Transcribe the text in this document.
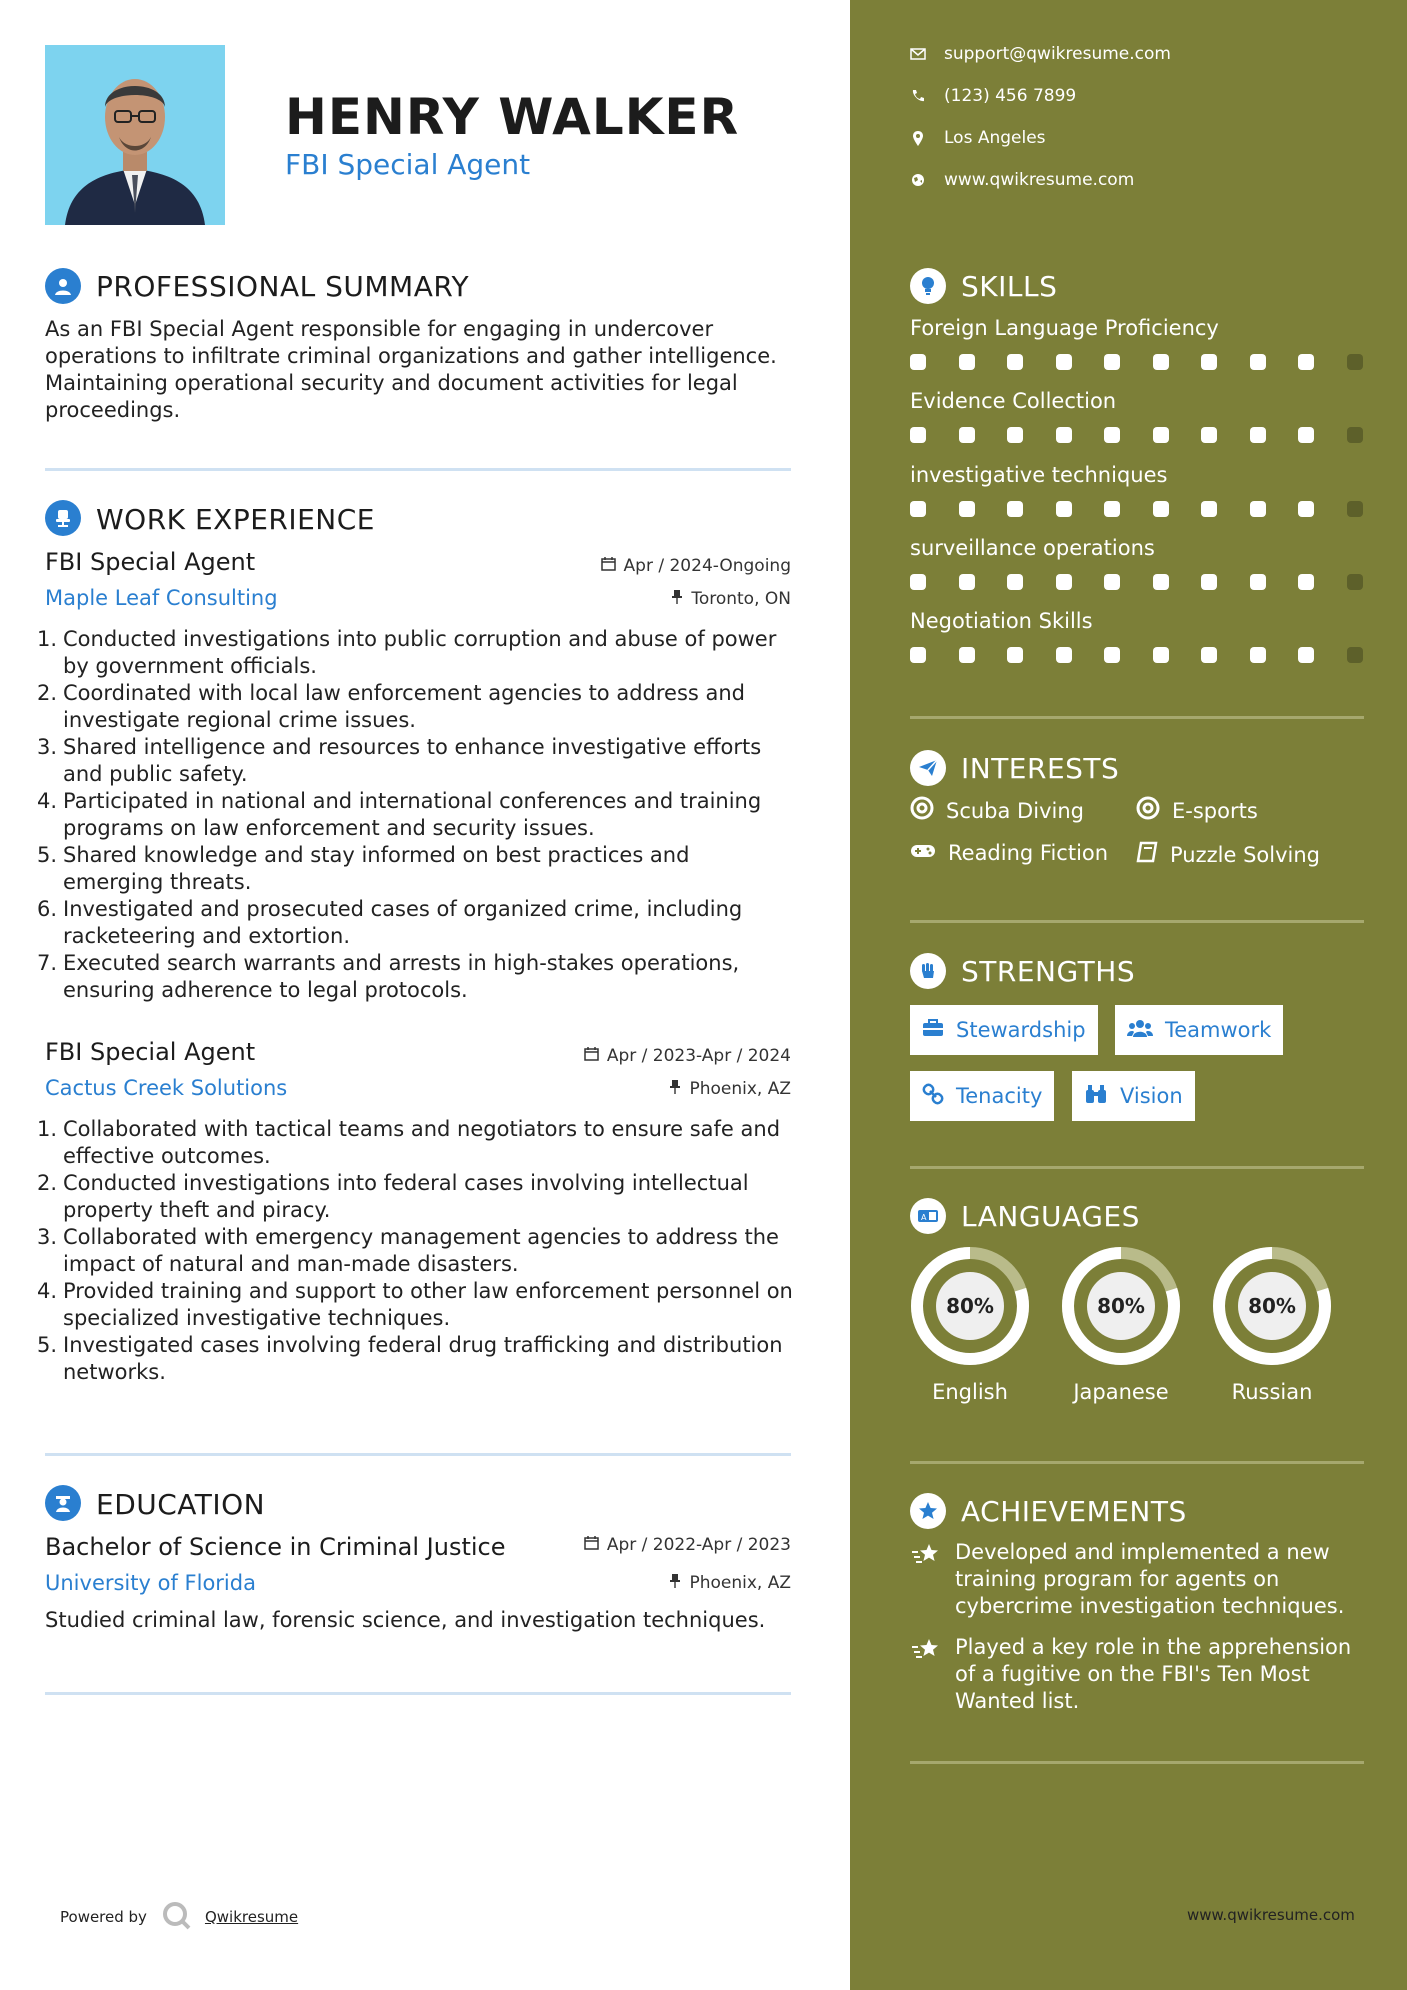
HENRY WALKER
FBI Special Agent
PROFESSIONAL SUMMARY
As an FBI Special Agent responsible for engaging in undercover
operations to infiltrate criminal organizations and gather intelligence.
Maintaining operational security and document activities for legal
proceedings.
WORK EXPERIENCE
FBI Special Agent	Apr / 2024-Ongoing
Maple Leaf Consulting	Toronto, ON
1. Conducted investigations into public corruption and abuse of power
by government officials.
2. Coordinated with local law enforcement agencies to address and
investigate regional crime issues.
3. Shared intelligence and resources to enhance investigative efforts
and public safety.
4. Participated in national and international conferences and training
programs on law enforcement and security issues.
5. Shared knowledge and stay informed on best practices and
emerging threats.
6. Investigated and prosecuted cases of organized crime, including
racketeering and extortion.
7. Executed search warrants and arrests in high-stakes operations,
ensuring adherence to legal protocols.
FBI Special Agent	Apr / 2023-Apr / 2024
Cactus Creek Solutions	Phoenix, AZ
1. Collaborated with tactical teams and negotiators to ensure safe and
effective outcomes.
2. Conducted investigations into federal cases involving intellectual
property theft and piracy.
3. Collaborated with emergency management agencies to address the
impact of natural and man-made disasters.
4. Provided training and support to other law enforcement personnel on
specialized investigative techniques.
5. Investigated cases involving federal drug trafficking and distribution
networks.
EDUCATION
Bachelor of Science in Criminal Justice	Apr / 2022-Apr / 2023
University of Florida	Phoenix, AZ
Studied criminal law, forensic science, and investigation techniques.
Powered by	Qwikresume
support@qwikresume.com
(123) 456 7899
Los Angeles
www.qwikresume.com
SKILLS
Foreign Language Proficiency
Evidence Collection
investigative techniques
surveillance operations
Negotiation Skills
INTERESTS
Scuba Diving	E-sports
Reading Fiction	Puzzle Solving
STRENGTHS
Stewardship	Teamwork
Tenacity	Vision
A LANGUAGES
80%
English
80%
Japanese
80%
Russian
ACHIEVEMENTS
Developed and implemented a new
training program for agents on
cybercrime investigation techniques.
Played a key role in the apprehension
of a fugitive on the FBI's Ten Most
Wanted list.
www.qwikresume.com
